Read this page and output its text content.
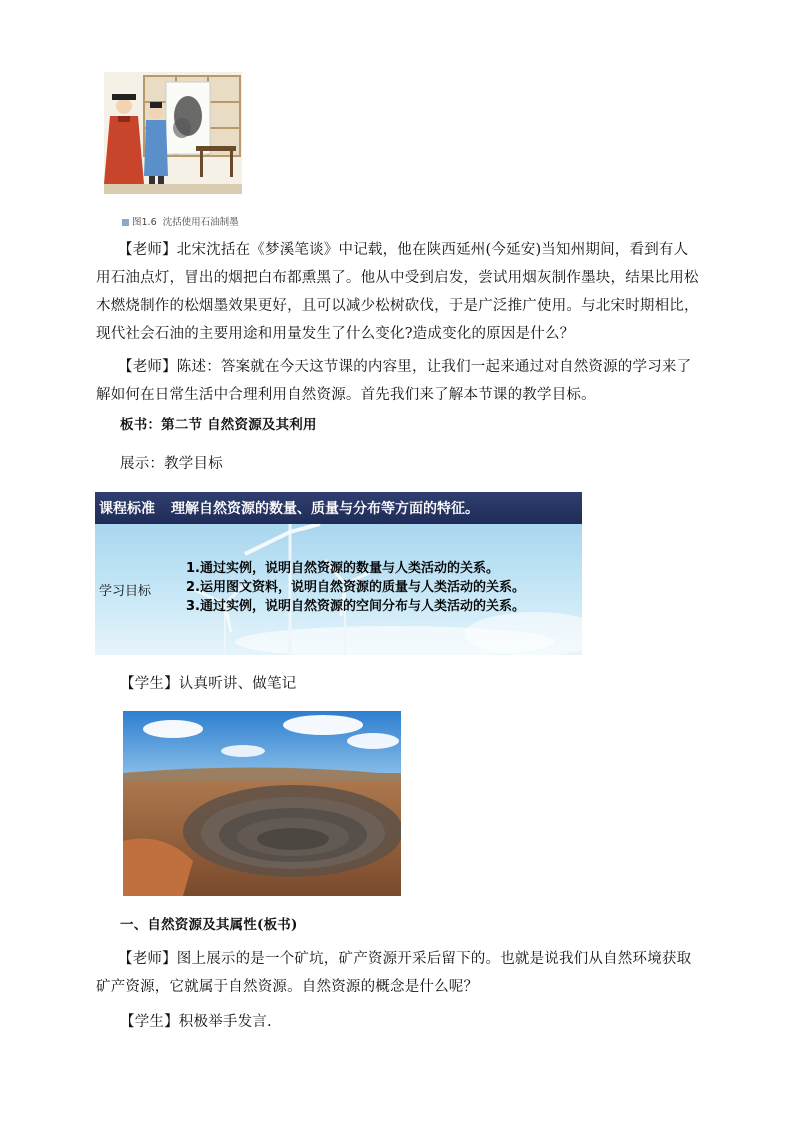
图1.6 沈括使用石油制墨
【老师】北宋沈括在《梦溪笔谈》中记载，他在陕西延州(今延安)当知州期间，看到有人用石油点灯，冒出的烟把白布都熏黑了。他从中受到启发，尝试用烟灰制作墨块，结果比用松木燃烧制作的松烟墨效果更好，且可以减少松树砍伐，于是广泛推广使用。与北宋时期相比，现代社会石油的主要用途和用量发生了什么变化?造成变化的原因是什么？
【老师】陈述：答案就在今天这节课的内容里，让我们一起来通过对自然资源的学习来了解如何在日常生活中合理利用自然资源。首先我们来了解本节课的教学目标。
板书：第二节 自然资源及其利用
展示：教学目标
课程标准 理解自然资源的数量、质量与分布等方面的特征。
学习目标
1.通过实例，说明自然资源的数量与人类活动的关系。
2.运用图文资料，说明自然资源的质量与人类活动的关系。
3.通过实例，说明自然资源的空间分布与人类活动的关系。
【学生】认真听讲、做笔记
一、自然资源及其属性(板书)
【老师】图上展示的是一个矿坑，矿产资源开采后留下的。也就是说我们从自然环境获取矿产资源，它就属于自然资源。自然资源的概念是什么呢？
【学生】积极举手发言.
